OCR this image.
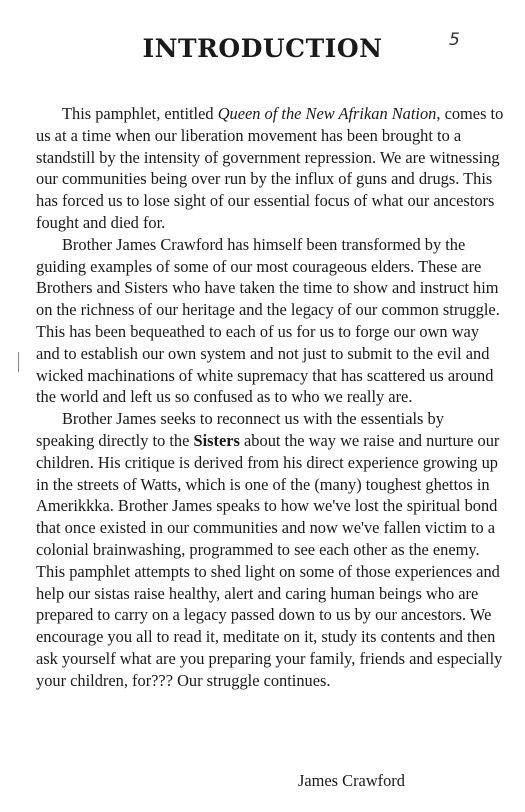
INTRODUCTION	5

This pamphlet, entitled Queen of the New Afrikan Nation, comes to us at a time when our liberation movement has been brought to a standstill by the intensity of government repression. We are witnessing our communities being over run by the influx of guns and drugs. This has forced us to lose sight of our essential focus of what our ancestors fought and died for.

Brother James Crawford has himself been transformed by the guiding examples of some of our most courageous elders. These are Brothers and Sisters who have taken the time to show and instruct him on the richness of our heritage and the legacy of our common struggle. This has been bequeathed to each of us for us to forge our own way and to establish our own system and not just to submit to the evil and wicked machinations of white supremacy that has scattered us around the world and left us so confused as to who we really are.

Brother James seeks to reconnect us with the essentials by speaking directly to the Sisters about the way we raise and nurture our children. His critique is derived from his direct experience growing up in the streets of Watts, which is one of the (many) toughest ghettos in Amerikkka. Brother James speaks to how we've lost the spiritual bond that once existed in our communities and now we've fallen victim to a colonial brainwashing, programmed to see each other as the enemy. This pamphlet attempts to shed light on some of those experiences and help our sistas raise healthy, alert and caring human beings who are prepared to carry on a legacy passed down to us by our ancestors. We encourage you all to read it, meditate on it, study its contents and then ask yourself what are you preparing your family, friends and especially your children, for??? Our struggle continues.

James Crawford
